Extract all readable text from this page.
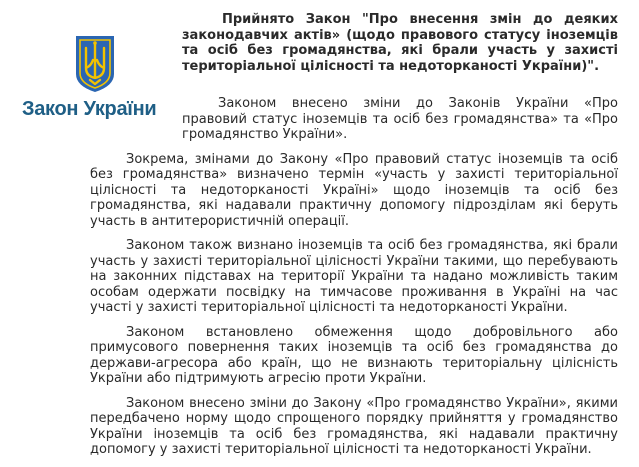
Закон України

Прийнято Закон "Про внесення змін до деяких законодавчих актів» (щодо правового статусу іноземців та осіб без громадянства, які брали участь у захисті територіальної цілісності та недоторканості України)".

Законом внесено зміни до Законів України «Про правовий статус іноземців та осіб без громадянства» та «Про громадянство України».

Зокрема, змінами до Закону «Про правовий статус іноземців та осіб без громадянства» визначено термін «участь у захисті територіальної цілісності та недоторканості Україні» щодо іноземців та осіб без громадянства, які надавали практичну допомогу підрозділам які беруть участь в антитерористичній операції.

Законом також визнано іноземців та осіб без громадянства, які брали участь у захисті територіальної цілісності України такими, що перебувають на законних підставах на території України та надано можливість таким особам одержати посвідку на тимчасове проживання в Україні на час участі у захисті територіальної цілісності та недоторканості України.

Законом встановлено обмеження щодо добровільного або примусового повернення таких іноземців та осіб без громадянства до держави-агресора або країн, що не визнають територіальну цілісність України або підтримують агресію проти України.

Законом внесено зміни до Закону «Про громадянство України», якими передбачено норму щодо спрощеного порядку прийняття у громадянство України іноземців та осіб без громадянства, які надавали практичну допомогу у захисті територіальної цілісності та недоторканості України.
